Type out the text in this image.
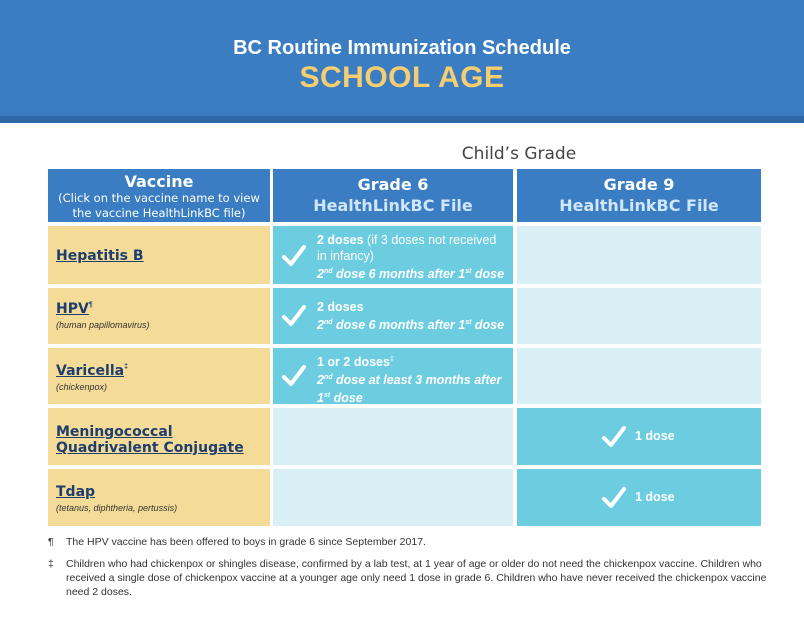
BC Routine Immunization Schedule
SCHOOL AGE
Child’s Grade
Vaccine
(Click on the vaccine name to view the vaccine HealthLinkBC file)
Grade 6
HealthLinkBC File
Grade 9
HealthLinkBC File
Hepatitis B
2 doses (if 3 doses not received in infancy)
2nd dose 6 months after 1st dose
HPV¶
(human papillomavirus)
2 doses
2nd dose 6 months after 1st dose
Varicella‡
(chickenpox)
1 or 2 doses‡
2nd dose at least 3 months after 1st dose
Meningococcal Quadrivalent Conjugate
1 dose
Tdap
(tetanus, diphtheria, pertussis)
1 dose
¶	The HPV vaccine has been offered to boys in grade 6 since September 2017.
‡	Children who had chickenpox or shingles disease, confirmed by a lab test, at 1 year of age or older do not need the chickenpox vaccine. Children who received a single dose of chickenpox vaccine at a younger age only need 1 dose in grade 6. Children who have never received the chickenpox vaccine need 2 doses.
